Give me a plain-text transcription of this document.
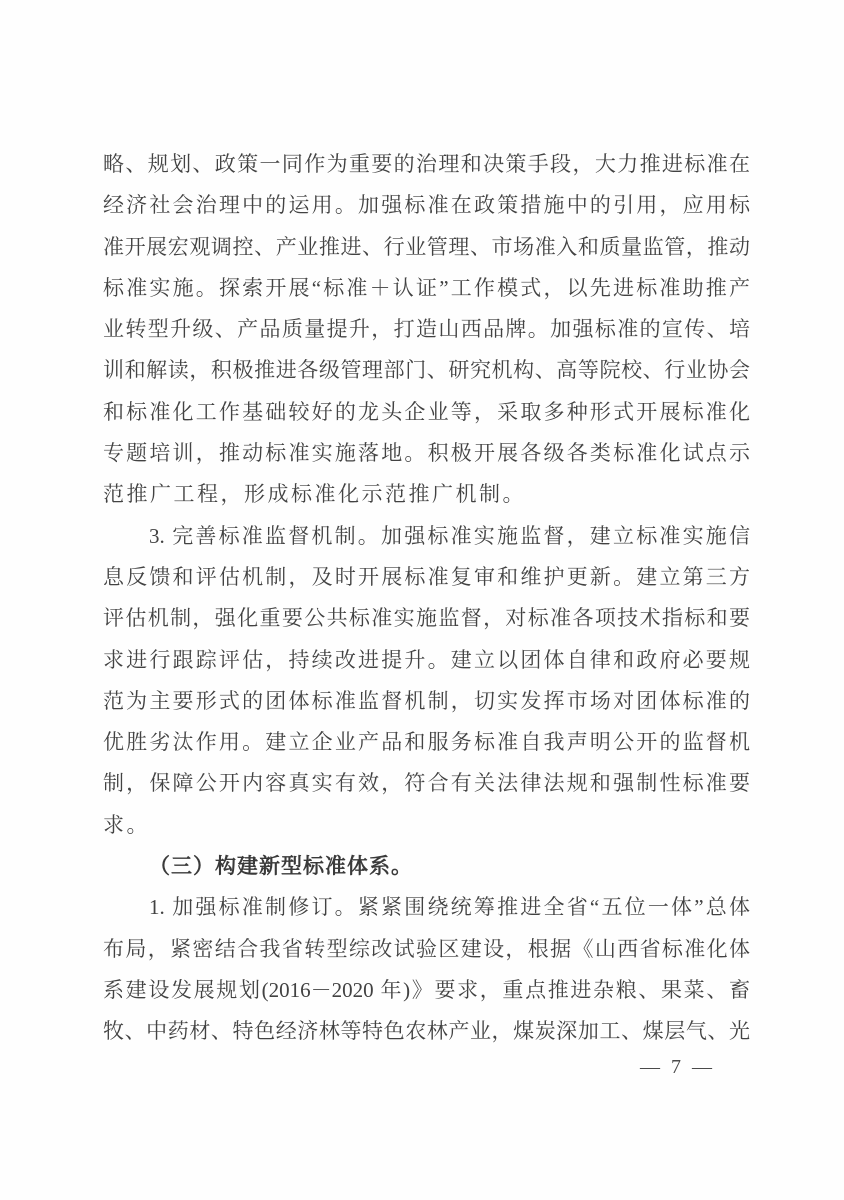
略、规划、政策一同作为重要的治理和决策手段，大力推进标准在
经济社会治理中的运用。加强标准在政策措施中的引用，应用标
准开展宏观调控、产业推进、行业管理、市场准入和质量监管，推动
标准实施。探索开展“标准＋认证”工作模式，以先进标准助推产
业转型升级、产品质量提升，打造山西品牌。加强标准的宣传、培
训和解读，积极推进各级管理部门、研究机构、高等院校、行业协会
和标准化工作基础较好的龙头企业等，采取多种形式开展标准化
专题培训，推动标准实施落地。积极开展各级各类标准化试点示
范推广工程，形成标准化示范推广机制。
3. 完善标准监督机制。加强标准实施监督，建立标准实施信
息反馈和评估机制，及时开展标准复审和维护更新。建立第三方
评估机制，强化重要公共标准实施监督，对标准各项技术指标和要
求进行跟踪评估，持续改进提升。建立以团体自律和政府必要规
范为主要形式的团体标准监督机制，切实发挥市场对团体标准的
优胜劣汰作用。建立企业产品和服务标准自我声明公开的监督机
制，保障公开内容真实有效，符合有关法律法规和强制性标准要
求。
（三）构建新型标准体系。
1. 加强标准制修订。紧紧围绕统筹推进全省“五位一体”总体
布局，紧密结合我省转型综改试验区建设，根据《山西省标准化体
系建设发展规划(2016－2020 年)》要求，重点推进杂粮、果菜、畜
牧、中药材、特色经济林等特色农林产业，煤炭深加工、煤层气、光
— 7 —
